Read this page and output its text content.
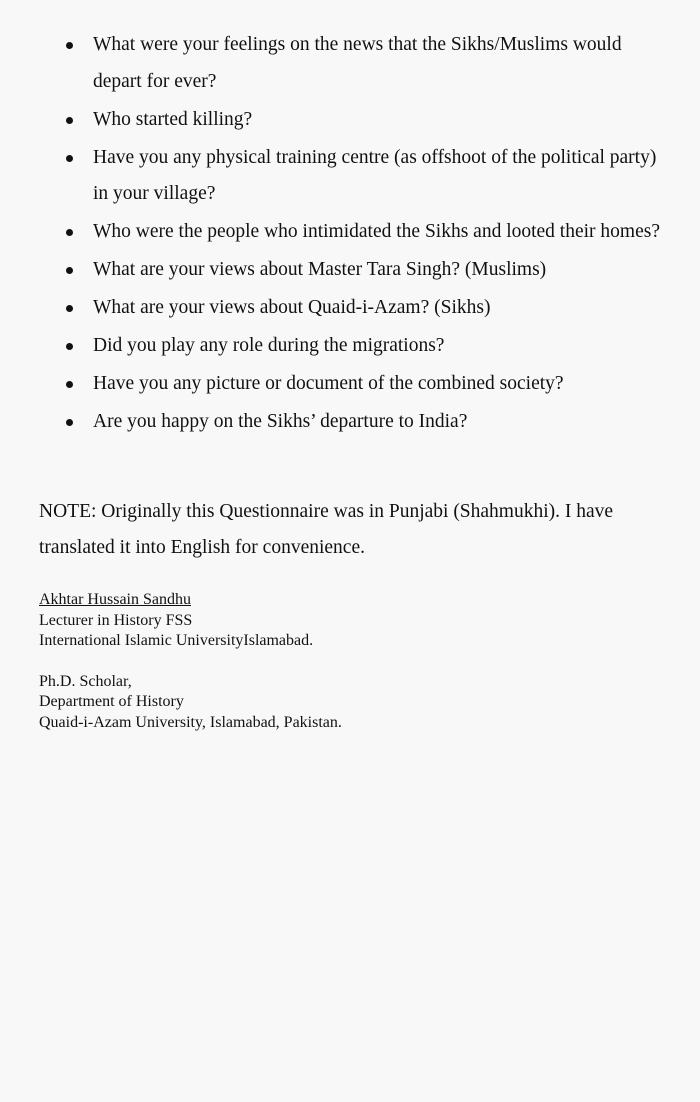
What were your feelings on the news that the Sikhs/Muslims would depart for ever?
Who started killing?
Have you any physical training centre (as offshoot of the political party) in your village?
Who were the people who intimidated the Sikhs and looted their homes?
What are your views about Master Tara Singh? (Muslims)
What are your views about Quaid-i-Azam? (Sikhs)
Did you play any role during the migrations?
Have you any picture or document of the combined society?
Are you happy on the Sikhs’ departure to India?

NOTE: Originally this Questionnaire was in Punjabi (Shahmukhi). I have translated it into English for convenience.

Akhtar Hussain Sandhu
Lecturer in History FSS
International Islamic UniversityIslamabad.
Ph.D. Scholar,
Department of History
Quaid-i-Azam University, Islamabad, Pakistan.
